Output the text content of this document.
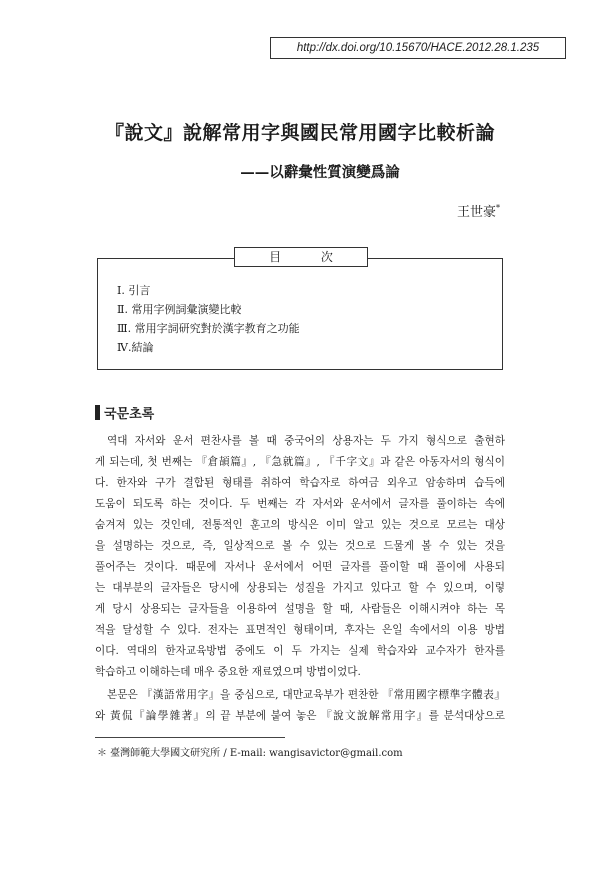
http://dx.doi.org/10.15670/HACE.2012.28.1.235
『說文』說解常用字與國民常用國字比較析論
——以辭彙性質演變爲論
王世豪*
目 次
Ⅰ. 引言
Ⅱ. 常用字例詞彙演變比較
Ⅲ. 常用字詞研究對於漢字教育之功能
Ⅳ.結論
국문초록
역대 자서와 운서 편찬사를 볼 때 중국어의 상용자는 두 가지 형식으로 출현하
게 되는데, 첫 번째는 『倉頡篇』, 『急就篇』, 『千字文』과 같은 아동자서의 형식이
다. 한자와 구가 결합된 형태를 취하여 학습자로 하여금 외우고 암송하며 습득에
도움이 되도록 하는 것이다. 두 번째는 각 자서와 운서에서 글자를 풀이하는 속에
숨겨져 있는 것인데, 전통적인 훈고의 방식은 이미 알고 있는 것으로 모르는 대상
을 설명하는 것으로, 즉, 일상적으로 볼 수 있는 것으로 드물게 볼 수 있는 것을
풀어주는 것이다. 때문에 자서나 운서에서 어떤 글자를 풀이할 때 풀이에 사용되
는 대부분의 글자들은 당시에 상용되는 성질을 가지고 있다고 할 수 있으며, 이렇
게 당시 상용되는 글자들을 이용하여 설명을 할 때, 사람들은 이해시켜야 하는 목
적을 달성할 수 있다. 전자는 표면적인 형태이며, 후자는 은일 속에서의 이용 방법
이다. 역대의 한자교육방법 중에도 이 두 가지는 실제 학습자와 교수자가 한자를
학습하고 이해하는데 매우 중요한 재료였으며 방법이었다.
본문은 『漢語常用字』을 중심으로, 대만교육부가 편찬한 『常用國字標準字體表』
와 黃侃『論學雜著』의 끝 부분에 붙여 놓은 『說文說解常用字』를 분석대상으로
＊ 臺灣師範大學國文研究所 / E-mail: wangisavictor@gmail.com
